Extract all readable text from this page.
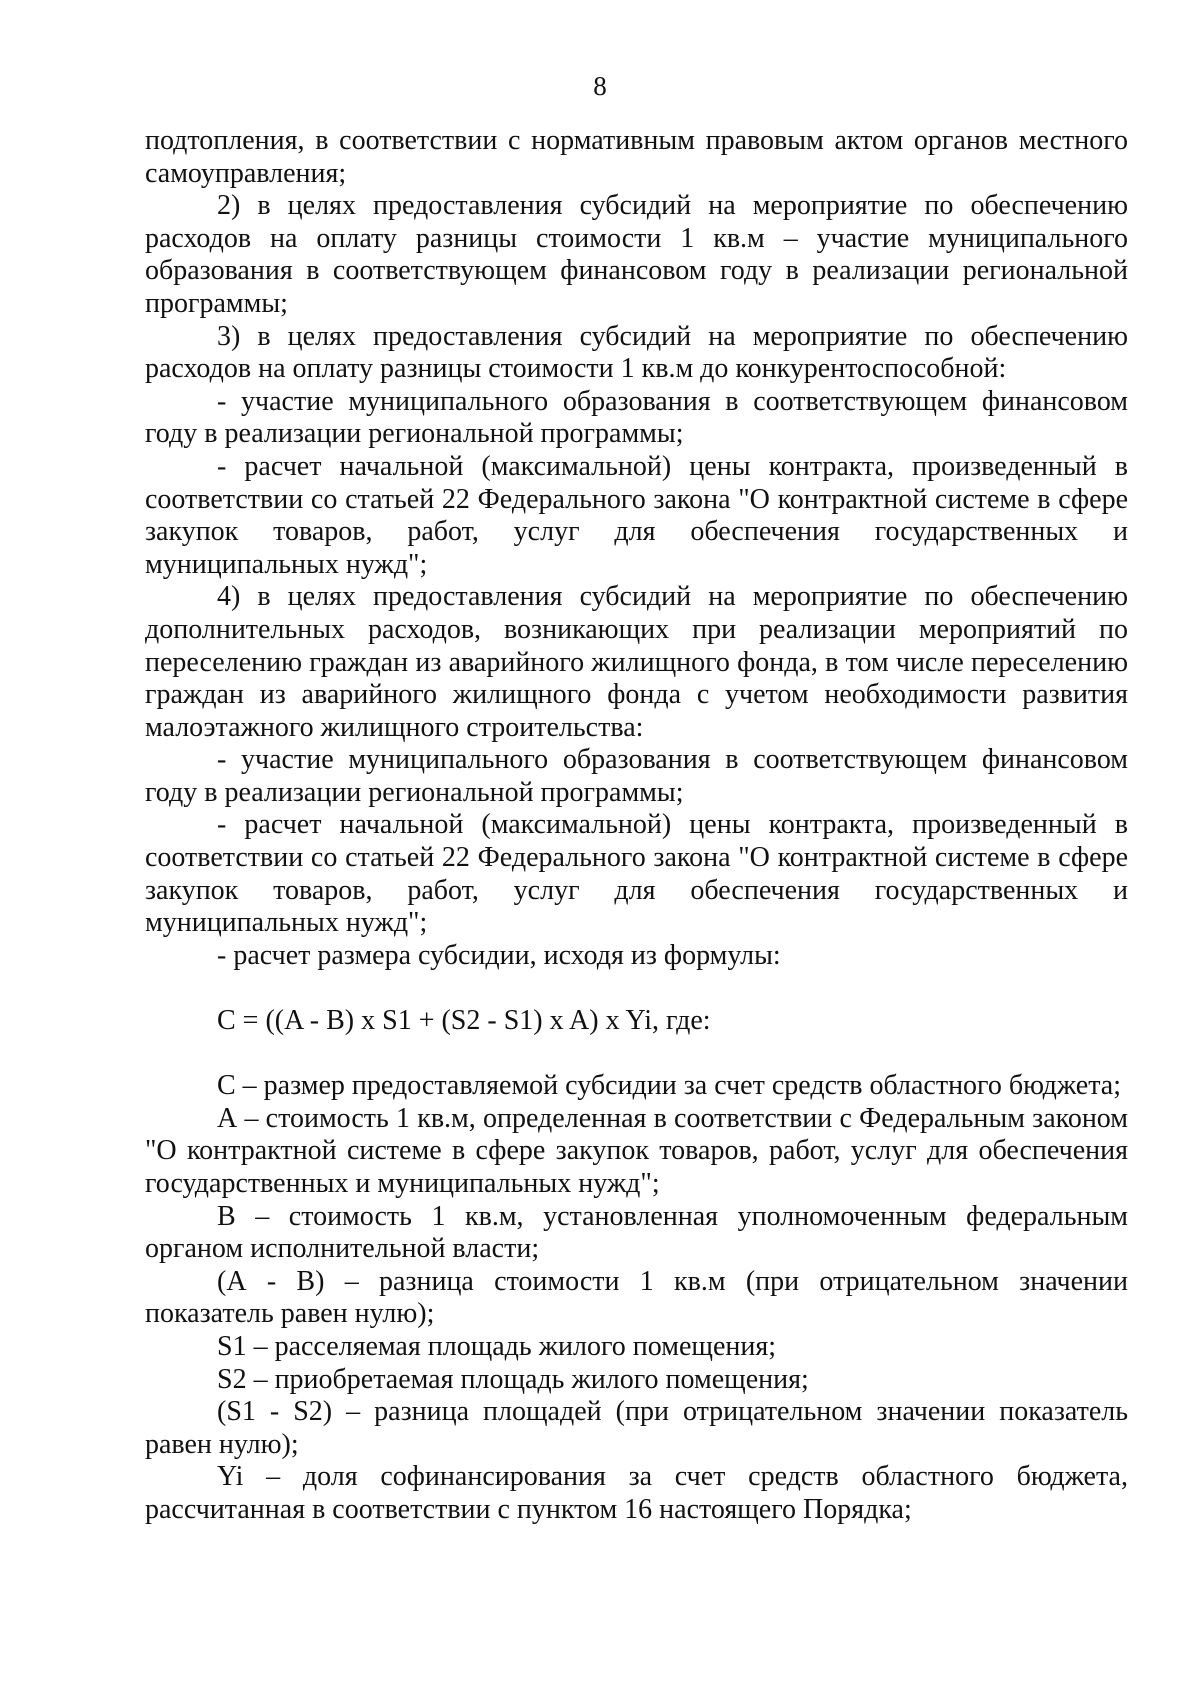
8

подтопления, в соответствии с нормативным правовым актом органов местного самоуправления;

2) в целях предоставления субсидий на мероприятие по обеспечению расходов на оплату разницы стоимости 1 кв.м – участие муниципального образования в соответствующем финансовом году в реализации региональной программы;

3) в целях предоставления субсидий на мероприятие по обеспечению расходов на оплату разницы стоимости 1 кв.м до конкурентоспособной:

- участие муниципального образования в соответствующем финансовом году в реализации региональной программы;

- расчет начальной (максимальной) цены контракта, произведенный в соответствии со статьей 22 Федерального закона "О контрактной системе в сфере закупок товаров, работ, услуг для обеспечения государственных и муниципальных нужд";

4) в целях предоставления субсидий на мероприятие по обеспечению дополнительных расходов, возникающих при реализации мероприятий по переселению граждан из аварийного жилищного фонда, в том числе переселению граждан из аварийного жилищного фонда с учетом необходимости развития малоэтажного жилищного строительства:

- участие муниципального образования в соответствующем финансовом году в реализации региональной программы;

- расчет начальной (максимальной) цены контракта, произведенный в соответствии со статьей 22 Федерального закона "О контрактной системе в сфере закупок товаров, работ, услуг для обеспечения государственных и муниципальных нужд";

- расчет размера субсидии, исходя из формулы:

C = ((A - B) x S1 + (S2 - S1) x A) x Yi, где:

С – размер предоставляемой субсидии за счет средств областного бюджета;

А – стоимость 1 кв.м, определенная в соответствии с Федеральным законом "О контрактной системе в сфере закупок товаров, работ, услуг для обеспечения государственных и муниципальных нужд";

В – стоимость 1 кв.м, установленная уполномоченным федеральным органом исполнительной власти;

(А - В) – разница стоимости 1 кв.м (при отрицательном значении показатель равен нулю);

S1 – расселяемая площадь жилого помещения;

S2 – приобретаемая площадь жилого помещения;

(S1 - S2) – разница площадей (при отрицательном значении показатель равен нулю);

Yi – доля софинансирования за счет средств областного бюджета, рассчитанная в соответствии с пунктом 16 настоящего Порядка;
